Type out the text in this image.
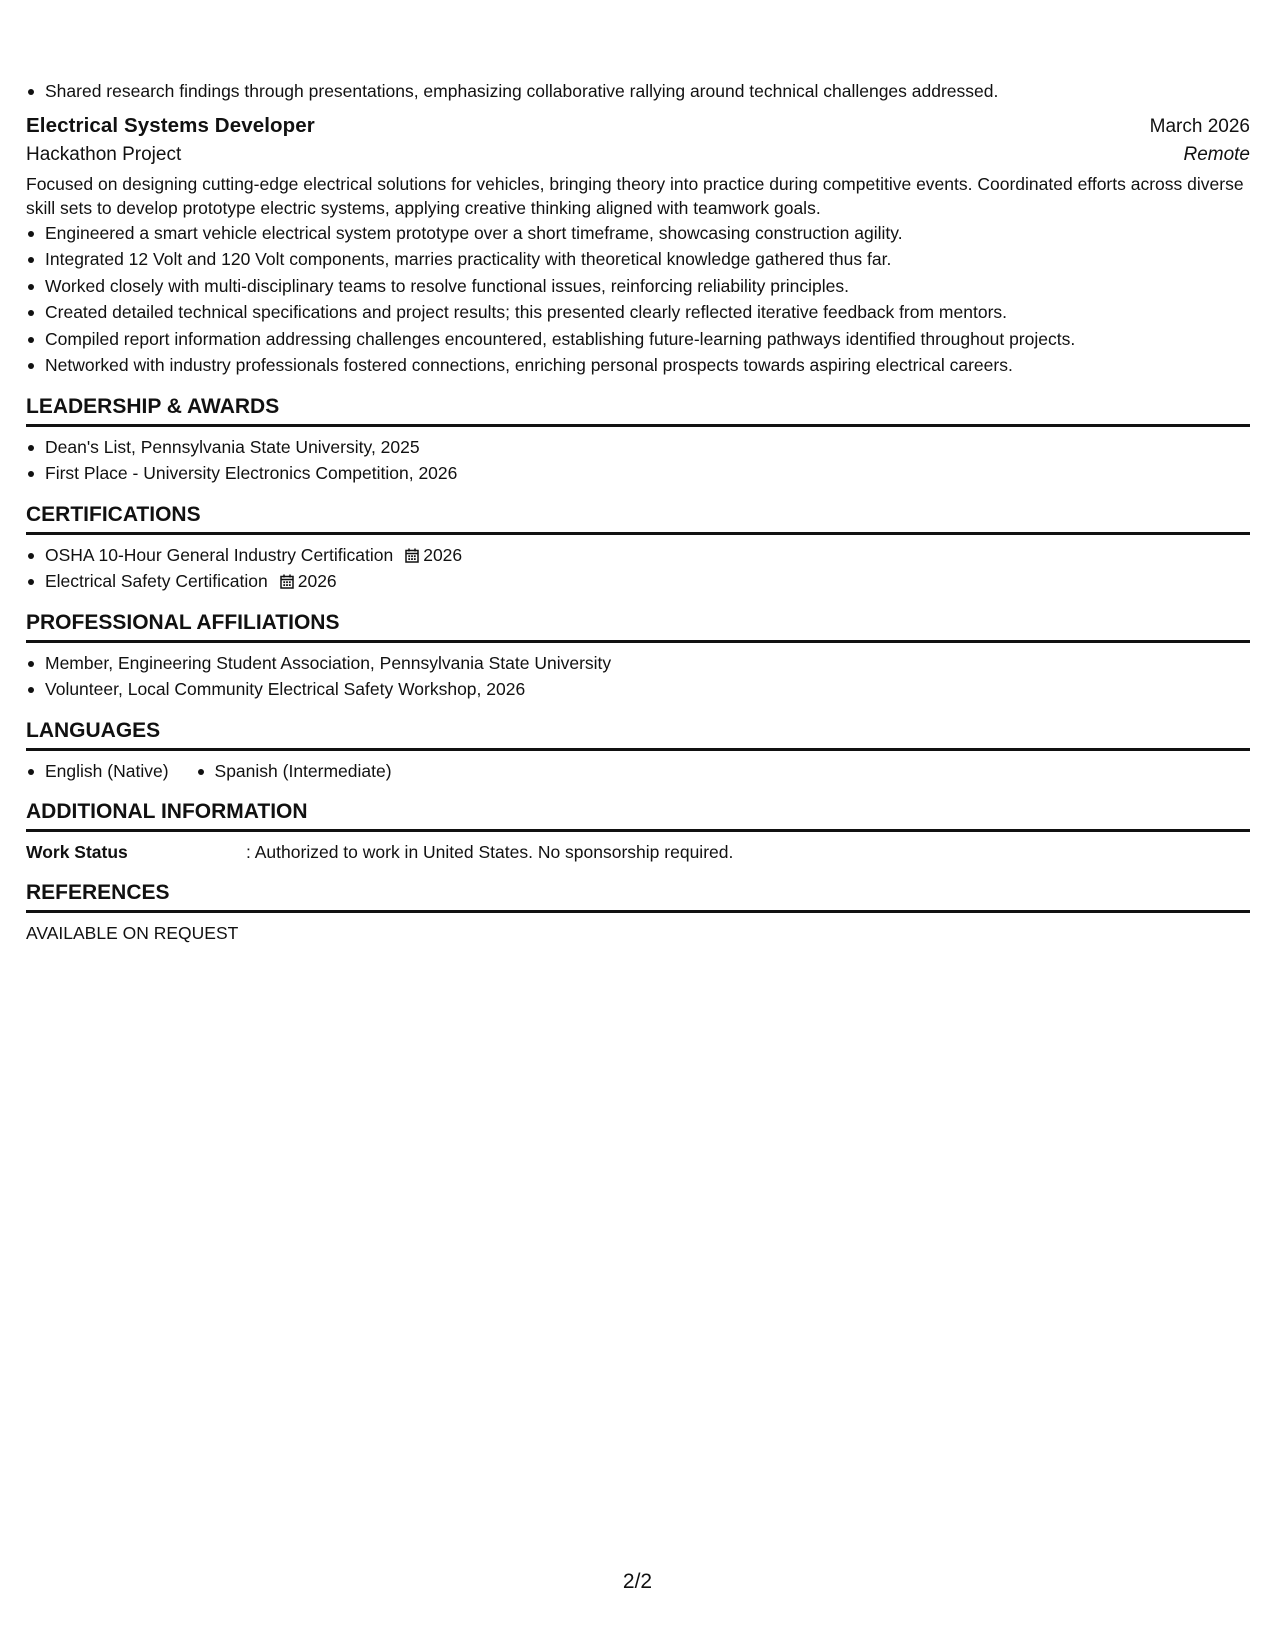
Shared research findings through presentations, emphasizing collaborative rallying around technical challenges addressed.
Electrical Systems Developer	March 2026
Hackathon Project	Remote

Focused on designing cutting-edge electrical solutions for vehicles, bringing theory into practice during competitive events. Coordinated efforts across diverse skill sets to develop prototype electric systems, applying creative thinking aligned with teamwork goals.

Engineered a smart vehicle electrical system prototype over a short timeframe, showcasing construction agility.
Integrated 12 Volt and 120 Volt components, marries practicality with theoretical knowledge gathered thus far.
Worked closely with multi-disciplinary teams to resolve functional issues, reinforcing reliability principles.
Created detailed technical specifications and project results; this presented clearly reflected iterative feedback from mentors.
Compiled report information addressing challenges encountered, establishing future-learning pathways identified throughout projects.
Networked with industry professionals fostered connections, enriching personal prospects towards aspiring electrical careers.
LEADERSHIP & AWARDS
Dean's List, Pennsylvania State University, 2025
First Place - University Electronics Competition, 2026
CERTIFICATIONS
OSHA 10-Hour General Industry Certification 2026
Electrical Safety Certification 2026
PROFESSIONAL AFFILIATIONS
Member, Engineering Student Association, Pennsylvania State University
Volunteer, Local Community Electrical Safety Workshop, 2026
LANGUAGES
English (Native)	Spanish (Intermediate)
ADDITIONAL INFORMATION
Work Status	: Authorized to work in United States. No sponsorship required.
REFERENCES
AVAILABLE ON REQUEST
2/2
